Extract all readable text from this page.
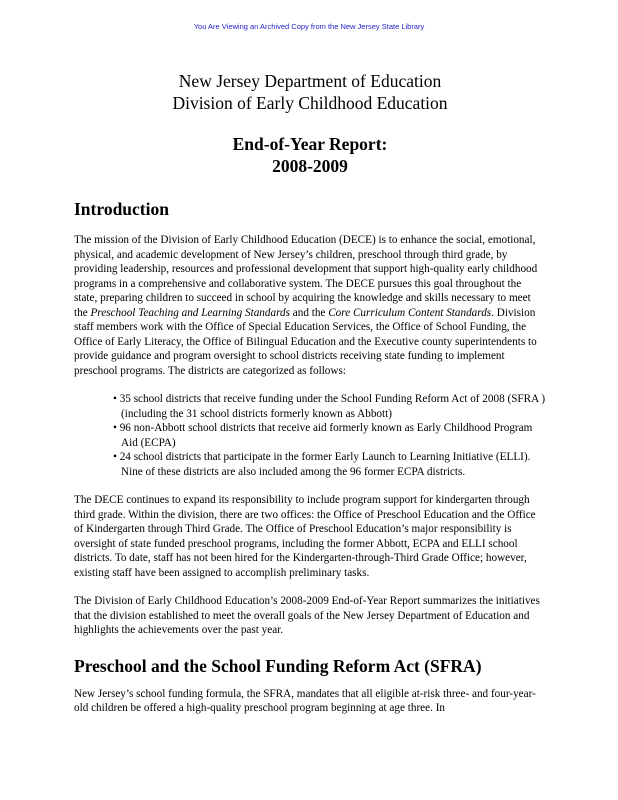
You Are Viewing an Archived Copy from the New Jersey State Library
New Jersey Department of Education
Division of Early Childhood Education
End-of-Year Report:
2008-2009
Introduction

The mission of the Division of Early Childhood Education (DECE) is to enhance the social, emotional, physical, and academic development of New Jersey’s children, preschool through third grade, by providing leadership, resources and professional development that support high-quality early childhood programs in a comprehensive and collaborative system. The DECE pursues this goal throughout the state, preparing children to succeed in school by acquiring the knowledge and skills necessary to meet the Preschool Teaching and Learning Standards and the Core Curriculum Content Standards. Division staff members work with the Office of Special Education Services, the Office of School Funding, the Office of Early Literacy, the Office of Bilingual Education and the Executive county superintendents to provide guidance and program oversight to school districts receiving state funding to implement preschool programs. The districts are categorized as follows:

• 35 school districts that receive funding under the School Funding Reform Act of 2008 (SFRA ) (including the 31 school districts formerly known as Abbott)
• 96 non-Abbott school districts that receive aid formerly known as Early Childhood Program Aid (ECPA)
• 24 school districts that participate in the former Early Launch to Learning Initiative (ELLI). Nine of these districts are also included among the 96 former ECPA districts.

The DECE continues to expand its responsibility to include program support for kindergarten through third grade. Within the division, there are two offices: the Office of Preschool Education and the Office of Kindergarten through Third Grade. The Office of Preschool Education’s major responsibility is oversight of state funded preschool programs, including the former Abbott, ECPA and ELLI school districts. To date, staff has not been hired for the Kindergarten-through-Third Grade Office; however, existing staff have been assigned to accomplish preliminary tasks.

The Division of Early Childhood Education’s 2008-2009 End-of-Year Report summarizes the initiatives that the division established to meet the overall goals of the New Jersey Department of Education and highlights the achievements over the past year.

Preschool and the School Funding Reform Act (SFRA)

New Jersey’s school funding formula, the SFRA, mandates that all eligible at-risk three- and four-year-old children be offered a high-quality preschool program beginning at age three. In
